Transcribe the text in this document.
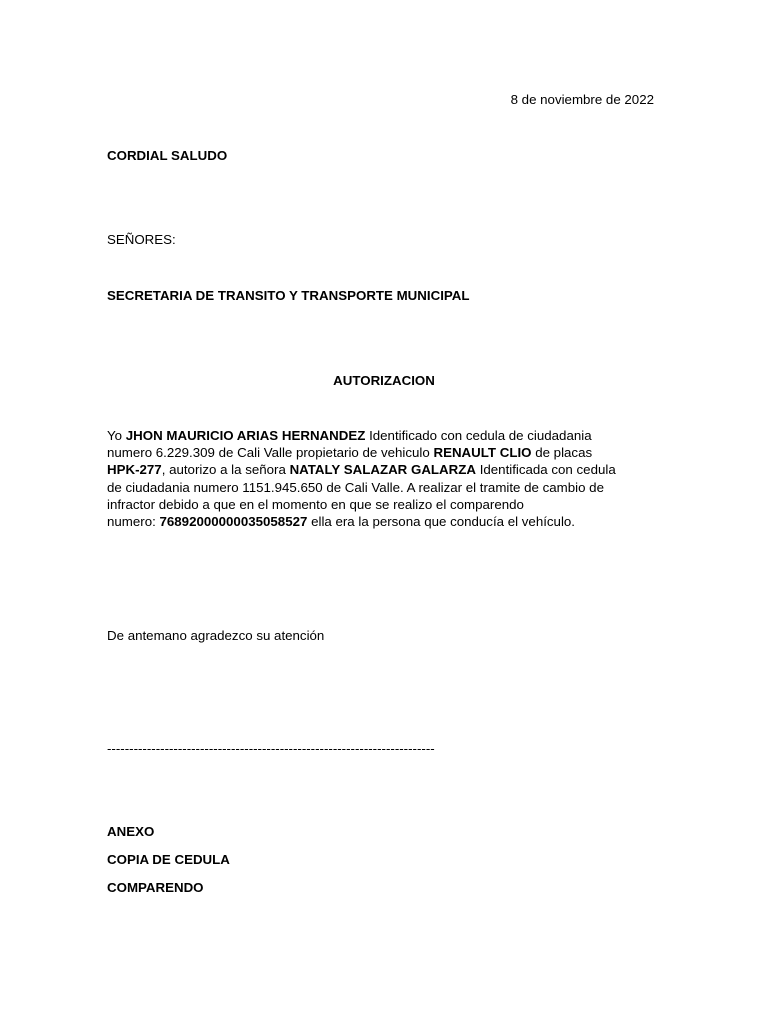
8 de noviembre de 2022
CORDIAL SALUDO
SEÑORES:
SECRETARIA DE TRANSITO Y TRANSPORTE MUNICIPAL
AUTORIZACION
Yo JHON MAURICIO ARIAS HERNANDEZ Identificado con cedula de ciudadania
numero 6.229.309 de Cali Valle propietario de vehiculo RENAULT CLIO de placas
HPK-277, autorizo a la señora NATALY SALAZAR GALARZA Identificada con cedula
de ciudadania numero 1151.945.650 de Cali Valle. A realizar el tramite de cambio de
infractor debido a que en el momento en que se realizo el comparendo
numero: 76892000000035058527 ella era la persona que conducía el vehículo.
De antemano agradezco su atención
--------------------------------------------------------------------------
ANEXO
COPIA DE CEDULA
COMPARENDO
